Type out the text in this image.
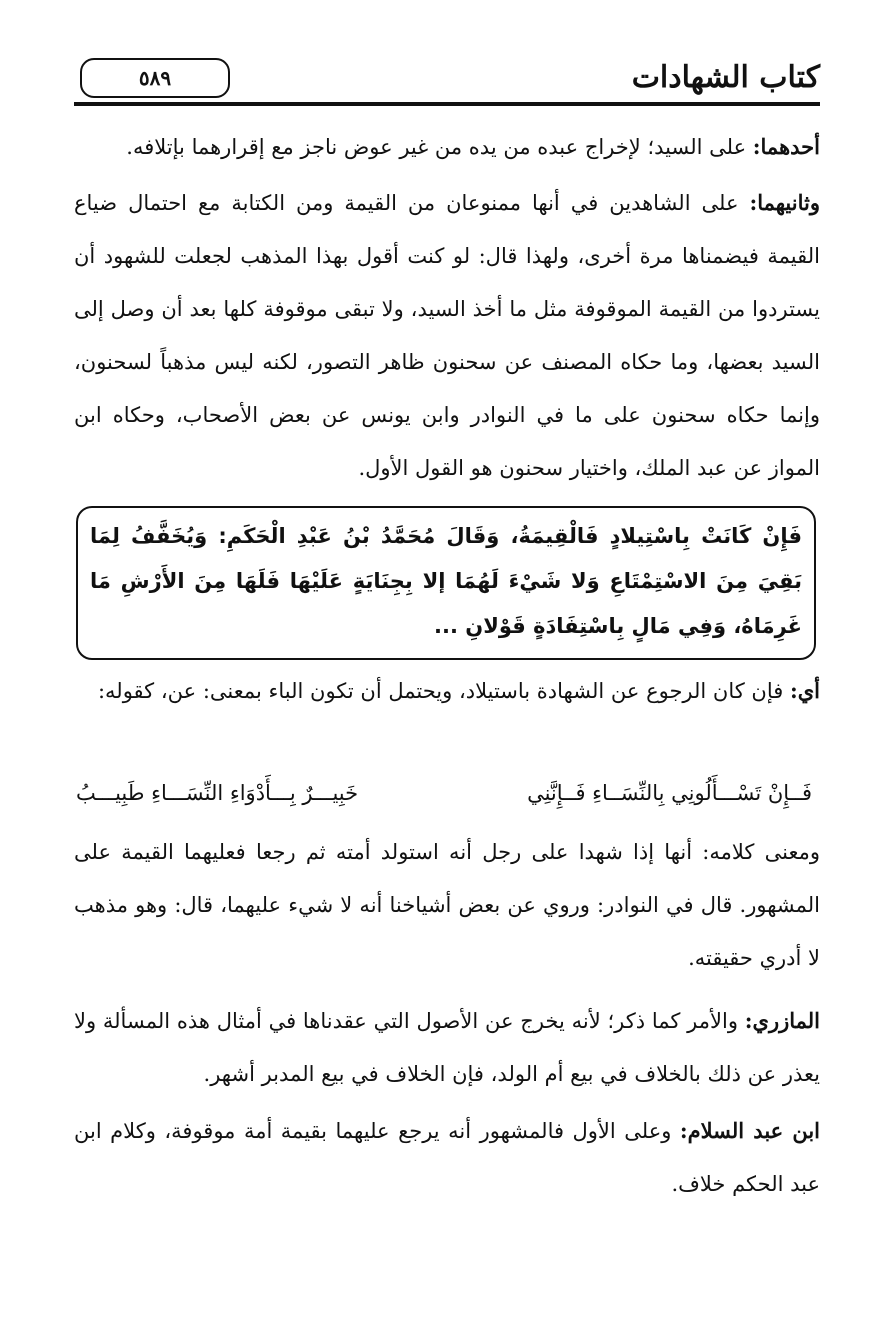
كتاب الشهادات
٥٨٩

أحدهما: على السيد؛ لإخراج عبده من يده من غير عوض ناجز مع إقرارهما بإتلافه.

وثانيهما: على الشاهدين في أنها ممنوعان من القيمة ومن الكتابة مع احتمال ضياع القيمة فيضمناها مرة أخرى، ولهذا قال: لو كنت أقول بهذا المذهب لجعلت للشهود أن يستردوا من القيمة الموقوفة مثل ما أخذ السيد، ولا تبقى موقوفة كلها بعد أن وصل إلى السيد بعضها، وما حكاه المصنف عن سحنون ظاهر التصور، لكنه ليس مذهباً لسحنون، وإنما حكاه سحنون على ما في النوادر وابن يونس عن بعض الأصحاب، وحكاه ابن المواز عن عبد الملك، واختيار سحنون هو القول الأول.

فَإِنْ كَانَتْ بِاسْتِيلادٍ فَالْقِيمَةُ، وَقَالَ مُحَمَّدُ بْنُ عَبْدِ الْحَكَمِ: وَيُخَفَّفُ لِمَا بَقِيَ مِنَ الاسْتِمْتَاعِ وَلا شَيْءَ لَهُمَا إلا بِجِنَايَةٍ عَلَيْهَا فَلَهَا مِنَ الأَرْشِ مَا غَرِمَاهُ، وَفِي مَالٍ بِاسْتِفَادَةٍ قَوْلانِ ...

أي: فإن كان الرجوع عن الشهادة باستيلاد، ويحتمل أن تكون الباء بمعنى: عن، كقوله:

فَــإِنْ تَسْـــأَلُونِي بِالنِّسَــاءِ فَــإِنَّنِي
خَبِيـــرٌ بِـــأَدْوَاءِ النِّسَـــاءِ طَبِيـــبُ

ومعنى كلامه: أنها إذا شهدا على رجل أنه استولد أمته ثم رجعا فعليهما القيمة على المشهور. قال في النوادر: وروي عن بعض أشياخنا أنه لا شيء عليهما، قال: وهو مذهب لا أدري حقيقته.

المازري: والأمر كما ذكر؛ لأنه يخرج عن الأصول التي عقدناها في أمثال هذه المسألة ولا يعذر عن ذلك بالخلاف في بيع أم الولد، فإن الخلاف في بيع المدبر أشهر.

ابن عبد السلام: وعلى الأول فالمشهور أنه يرجع عليهما بقيمة أمة موقوفة، وكلام ابن عبد الحكم خلاف.
